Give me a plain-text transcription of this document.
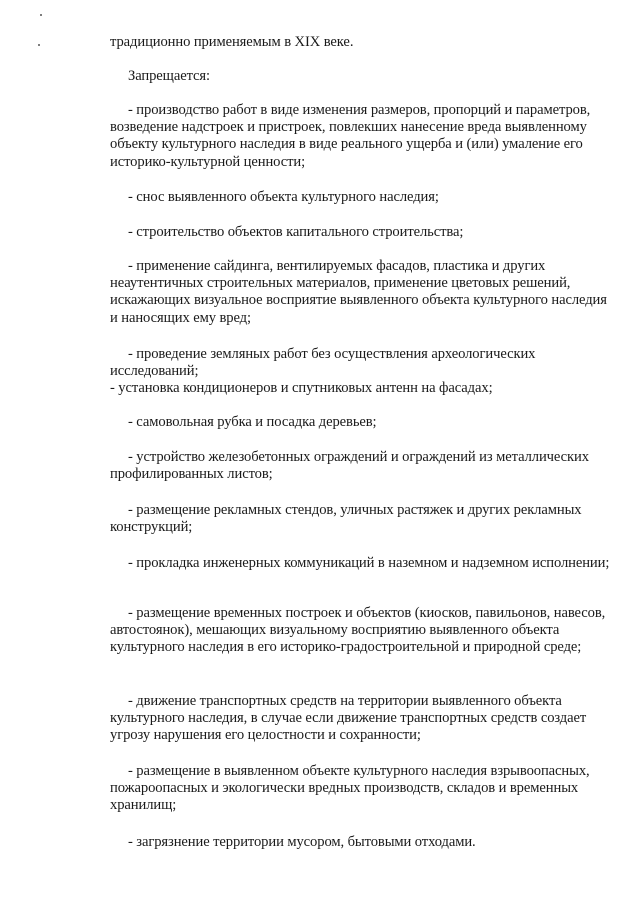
традиционно применяемым в XIX веке.
Запрещается:
- производство работ в виде изменения размеров, пропорций и параметров, возведение надстроек и пристроек, повлекших нанесение вреда выявленному объекту культурного наследия в виде реального ущерба и (или) умаление его историко-культурной ценности;
- снос выявленного объекта культурного наследия;
- строительство объектов капитального строительства;
- применение сайдинга, вентилируемых фасадов, пластика и других неаутентичных строительных материалов, применение цветовых решений, искажающих визуальное восприятие выявленного объекта культурного наследия и наносящих ему вред;
- проведение земляных работ без осуществления археологических исследований;
- установка кондиционеров и спутниковых антенн на фасадах;
- самовольная рубка и посадка деревьев;
- устройство железобетонных ограждений и ограждений из металлических профилированных листов;
- размещение рекламных стендов, уличных растяжек и других рекламных конструкций;
- прокладка инженерных коммуникаций в наземном и надземном исполнении;
- размещение временных построек и объектов (киосков, павильонов, навесов, автостоянок), мешающих визуальному восприятию выявленного объекта культурного наследия в его историко-градостроительной и природной среде;
- движение транспортных средств на территории выявленного объекта культурного наследия, в случае если движение транспортных средств создает угрозу нарушения его целостности и сохранности;
- размещение в выявленном объекте культурного наследия взрывоопасных, пожароопасных и экологически вредных производств, складов и временных хранилищ;
- загрязнение территории мусором, бытовыми отходами.
